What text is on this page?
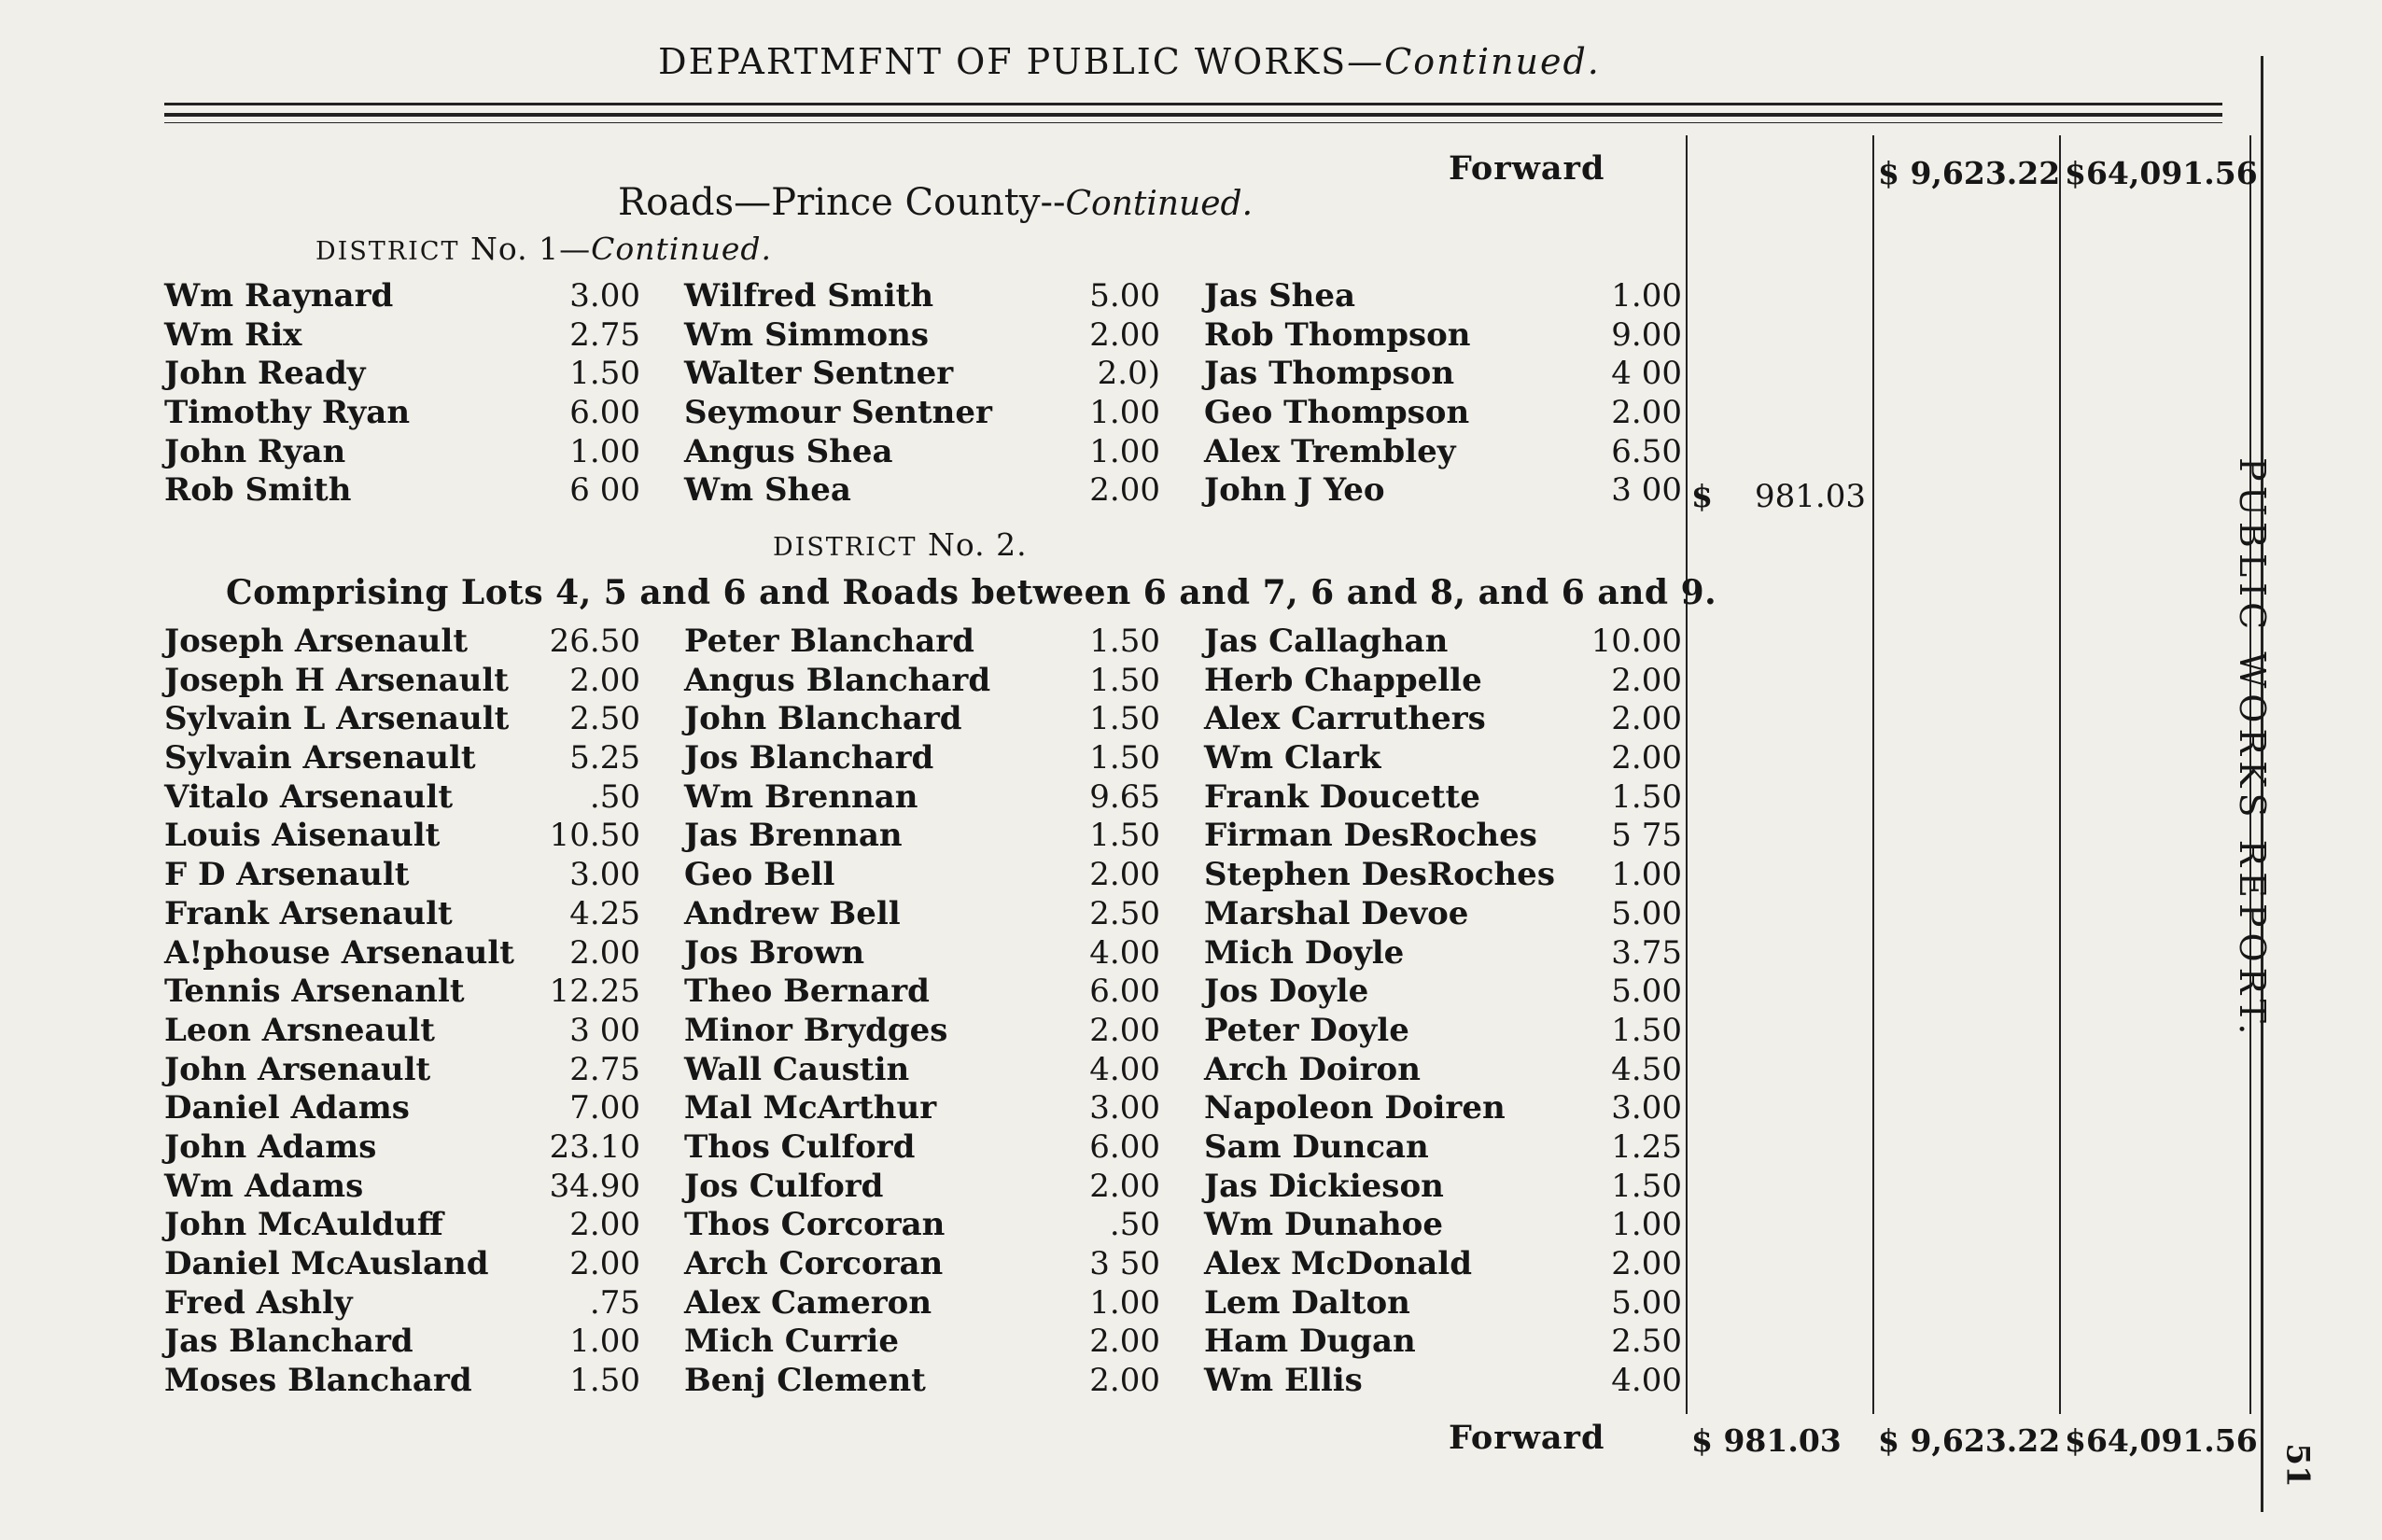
DEPARTMFNT OF PUBLIC WORKS—Continued.
Forward	$ 9,623.22 $64,091.56
Roads—Prince County--Continued.
DISTRICT No. 1—Continued.
Wm Raynard	3.00
Wm Rix	2.75
John Ready	1.50
Timothy Ryan	6.00
John Ryan	1.00
Rob Smith	6 00
Wilfred Smith	5.00
Wm Simmons	2.00
Walter Sentner	2.0)
Seymour Sentner	1.00
Angus Shea	1.00
Wm Shea	2.00
Jas Shea	1.00
Rob Thompson	9.00
Jas Thompson	4 00
Geo Thompson	2.00
Alex Trembley	6.50
John J Yeo	3 00 $ 981.03
DISTRICT No. 2.
Comprising Lots 4, 5 and 6 and Roads between 6 and 7, 6 and 8, and 6 and 9.
Joseph Arsenault	26.50
Joseph H Arsenault 2.00
Sylvain L Arsenault 2.50
Sylvain Arsenault	5.25
Vitalo Arsenault	.50
Louis Aisenault	10.50
F D Arsenault	3.00
Frank Arsenault	4.25
A!phouse Arsenault 2.00
Tennis Arsenanlt	12.25
Leon Arsneault	3 00
John Arsenault	2.75
Daniel Adams	7.00
John Adams	23.10
Wm Adams	34.90
John McAulduff	2.00
Daniel McAusland	2.00
Fred Ashly	.75
Jas Blanchard	1.00
Moses Blanchard	1.50
Peter Blanchard	1.50
Angus Blanchard	1.50
John Blanchard	1.50
Jos Blanchard	1.50
Wm Brennan	9.65
Jas Brennan	1.50
Geo Bell	2.00
Andrew Bell	2.50
Jos Brown	4.00
Theo Bernard	6.00
Minor Brydges	2.00
Wall Caustin	4.00
Mal McArthur	3.00
Thos Culford	6.00
Jos Culford	2.00
Thos Corcoran	.50
Arch Corcoran	3 50
Alex Cameron	1.00
Mich Currie	2.00
Benj Clement	2.00
Jas Callaghan	10.00
Herb Chappelle	2.00
Alex Carruthers	2.00
Wm Clark	2.00
Frank Doucette	1.50
Firman DesRoches 5 75
Stephen DesRoches 1.00
Marshal Devoe	5.00
Mich Doyle	3.75
Jos Doyle	5.00
Peter Doyle	1.50
Arch Doiron	4.50
Napoleon Doiren	3.00
Sam Duncan	1.25
Jas Dickieson	1.50
Wm Dunahoe	1.00
Alex McDonald	2.00
Lem Dalton	5.00
Ham Dugan	2.50
Wm Ellis	4.00
Forward	$ 981.03 $ 9,623.22 $64,091.56
PUBLIC WORKS REPORT.
51
